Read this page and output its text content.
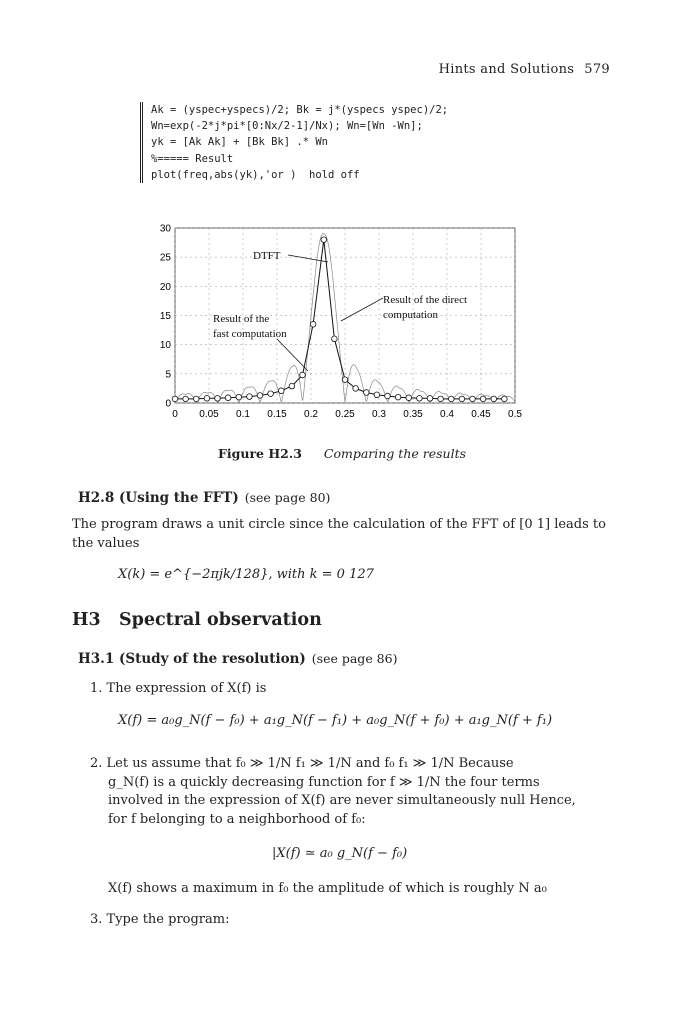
Hints and Solutions 579
Ak = (yspec+yspecs)/2; Bk = j*(yspecs yspec)/2;
Wn=exp(-2*j*pi*[0:Nx/2-1]/Nx); Wn=[Wn -Wn];
yk = [Ak Ak] + [Bk Bk] .* Wn
%===== Result
plot(freq,abs(yk),'or )  hold off
0 0.05 0.1 0.15 0.2 0.25 0.3 0.35 0.4 0.45 0.5
0
5
10
15
20
25
30
DTFT
Result of the
fast computation
Result of the direct
computation
Figure H2.3 Comparing the results
H2.8 (Using the FFT) (see page 80)
The program draws a unit circle since the calculation of the FFT of [0 1] leads to the values
X(k) = e^{−2πjk/128}, with k = 0 127
H3 Spectral observation
H3.1 (Study of the resolution) (see page 86)
1. The expression of X(f) is
X(f) = a₀g_N(f − f₀) + a₁g_N(f − f₁) + a₀g_N(f + f₀) + a₁g_N(f + f₁)
2. Let us assume that f₀ ≫ 1/N f₁ ≫ 1/N and f₀ f₁ ≫ 1/N Because
g_N(f) is a quickly decreasing function for f ≫ 1/N the four terms
involved in the expression of X(f) are never simultaneously null Hence,
for f belonging to a neighborhood of f₀:
|X(f) ≃ a₀ g_N(f − f₀)
X(f) shows a maximum in f₀ the amplitude of which is roughly N a₀
3. Type the program:
